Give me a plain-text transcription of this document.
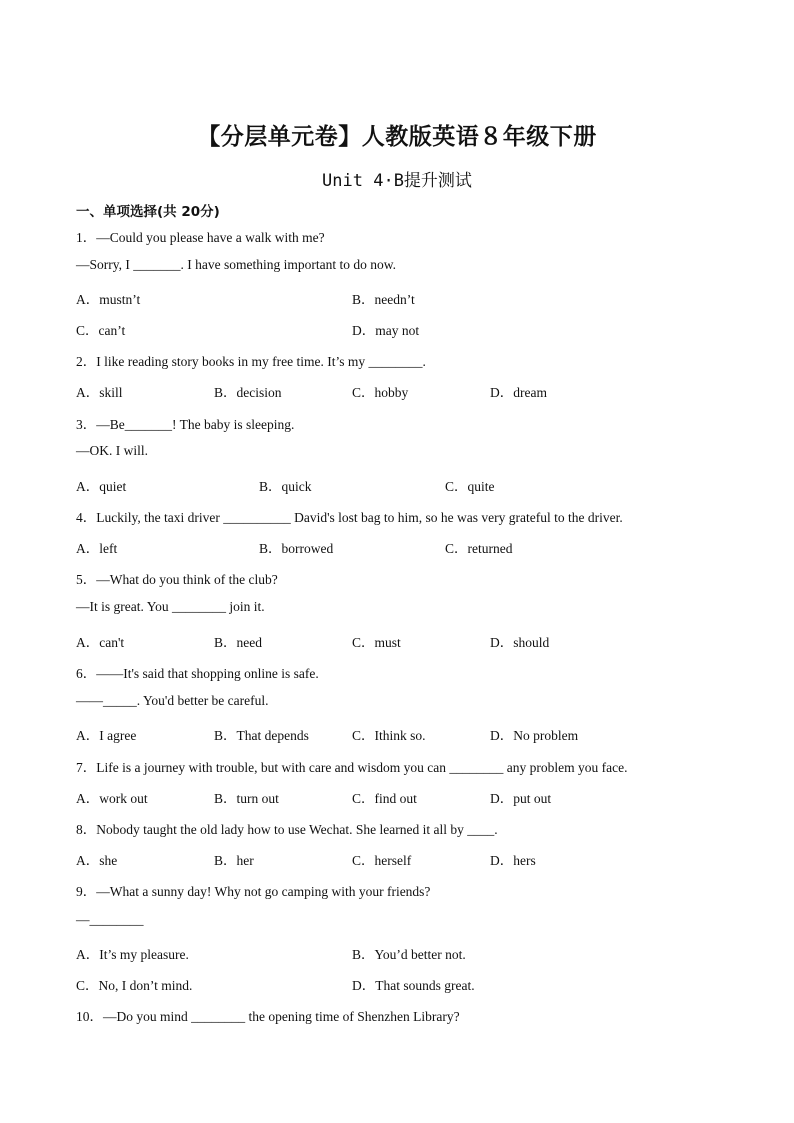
【分层单元卷】人教版英语８年级下册
Unit 4·B提升测试
一、单项选择(共 20分)
1．—Could you please have a walk with me?
—Sorry, I _______. I have something important to do now.
A．mustn’t	B．needn’t
C．can’t	D．may not
2．I like reading story books in my free time. It’s my ________.
A．skill	B．decision	C．hobby	D．dream
3．—Be_______! The baby is sleeping.
—OK. I will.
A．quiet	B．quick	C．quite
4．Luckily, the taxi driver __________ David's lost bag to him, so he was very grateful to the driver.
A．left	B．borrowed	C．returned
5．—What do you think of the club?
—It is great. You ________ join it.
A．can't	B．need	C．must	D．should
6．——It's said that shopping online is safe.
——_____. You'd better be careful.
A．I agree	B．That depends	C．Ithink so.	D．No problem
7．Life is a journey with trouble, but with care and wisdom you can ________ any problem you face.
A．work out	B．turn out	C．find out	D．put out
8．Nobody taught the old lady how to use Wechat. She learned it all by ____.
A．she	B．her	C．herself	D．hers
9．—What a sunny day! Why not go camping with your friends?
—________
A．It’s my pleasure.	B．You’d better not.
C．No, I don’t mind.	D．That sounds great.
10．—Do you mind ________ the opening time of Shenzhen Library?
